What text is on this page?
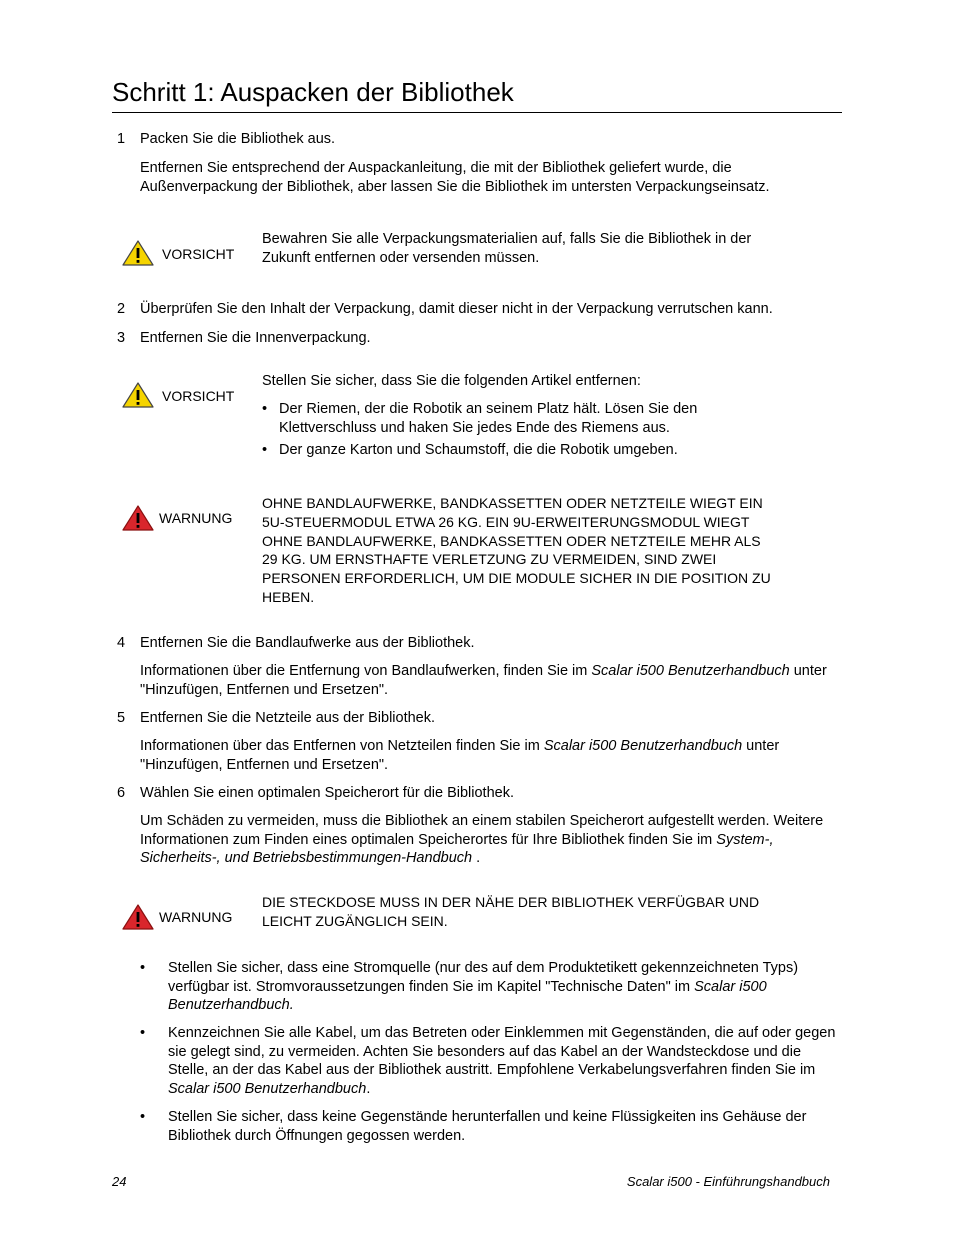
Schritt 1: Auspacken der Bibliothek
1 Packen Sie die Bibliothek aus.
Entfernen Sie entsprechend der Auspackanleitung, die mit der Bibliothek geliefert wurde, die Außenverpackung der Bibliothek, aber lassen Sie die Bibliothek im untersten Verpackungseinsatz.
VORSICHT
Bewahren Sie alle Verpackungsmaterialien auf, falls Sie die Bibliothek in der Zukunft entfernen oder versenden müssen.
2 Überprüfen Sie den Inhalt der Verpackung, damit dieser nicht in der Verpackung verrutschen kann.
3 Entfernen Sie die Innenverpackung.
VORSICHT
Stellen Sie sicher, dass Sie die folgenden Artikel entfernen:
• Der Riemen, der die Robotik an seinem Platz hält. Lösen Sie den Klettverschluss und haken Sie jedes Ende des Riemens aus.
• Der ganze Karton und Schaumstoff, die die Robotik umgeben.
WARNUNG
OHNE BANDLAUFWERKE, BANDKASSETTEN ODER NETZTEILE WIEGT EIN 5U-STEUERMODUL ETWA 26 KG. EIN 9U-ERWEITERUNGSMODUL WIEGT OHNE BANDLAUFWERKE, BANDKASSETTEN ODER NETZTEILE MEHR ALS 29 KG. UM ERNSTHAFTE VERLETZUNG ZU VERMEIDEN, SIND ZWEI PERSONEN ERFORDERLICH, UM DIE MODULE SICHER IN DIE POSITION ZU HEBEN.
4 Entfernen Sie die Bandlaufwerke aus der Bibliothek.
Informationen über die Entfernung von Bandlaufwerken, finden Sie im Scalar i500 Benutzerhandbuch unter "Hinzufügen, Entfernen und Ersetzen".
5 Entfernen Sie die Netzteile aus der Bibliothek.
Informationen über das Entfernen von Netzteilen finden Sie im Scalar i500 Benutzerhandbuch unter "Hinzufügen, Entfernen und Ersetzen".
6 Wählen Sie einen optimalen Speicherort für die Bibliothek.
Um Schäden zu vermeiden, muss die Bibliothek an einem stabilen Speicherort aufgestellt werden. Weitere Informationen zum Finden eines optimalen Speicherortes für Ihre Bibliothek finden Sie im System-, Sicherheits-, und Betriebsbestimmungen-Handbuch .
WARNUNG
DIE STECKDOSE MUSS IN DER NÄHE DER BIBLIOTHEK VERFÜGBAR UND LEICHT ZUGÄNGLICH SEIN.
• Stellen Sie sicher, dass eine Stromquelle (nur des auf dem Produktetikett gekennzeichneten Typs) verfügbar ist. Stromvoraussetzungen finden Sie im Kapitel "Technische Daten" im Scalar i500 Benutzerhandbuch.
• Kennzeichnen Sie alle Kabel, um das Betreten oder Einklemmen mit Gegenständen, die auf oder gegen sie gelegt sind, zu vermeiden. Achten Sie besonders auf das Kabel an der Wandsteckdose und die Stelle, an der das Kabel aus der Bibliothek austritt. Empfohlene Verkabelungsverfahren finden Sie im Scalar i500 Benutzerhandbuch.
• Stellen Sie sicher, dass keine Gegenstände herunterfallen und keine Flüssigkeiten ins Gehäuse der Bibliothek durch Öffnungen gegossen werden.
24	Scalar i500 - Einführungshandbuch
